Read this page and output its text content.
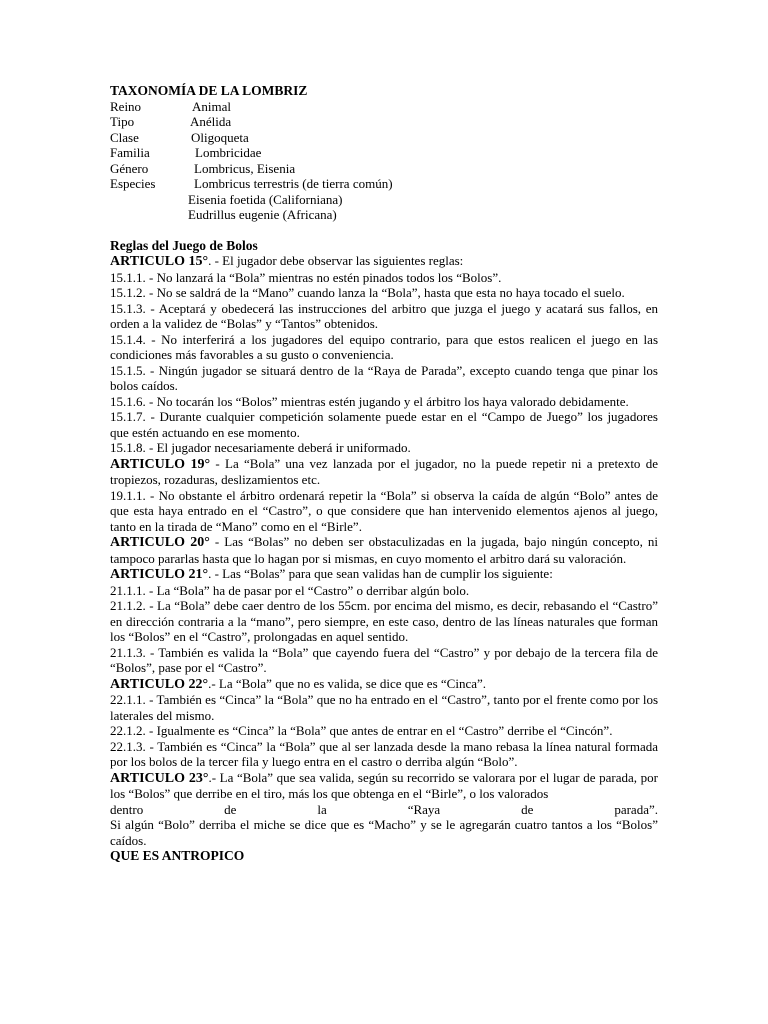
TAXONOMÍA DE LA LOMBRIZ
Reino	Animal
Tipo	Anélida
Clase	Oligoqueta
Familia	Lombricidae
Género	Lombricus, Eisenia
Especies	Lombricus terrestris (de tierra común)
Eisenia foetida (Californiana)
Eudrillus eugenie (Africana)
Reglas del Juego de Bolos
ARTICULO 15°. - El jugador debe observar las siguientes reglas:
15.1.1. - No lanzará la “Bola” mientras no estén pinados todos los “Bolos”.
15.1.2. - No se saldrá de la “Mano” cuando lanza la “Bola”, hasta que esta no haya tocado el suelo.
15.1.3. - Aceptará y obedecerá las instrucciones del arbitro que juzga el juego y acatará sus fallos, en orden a la validez de “Bolas” y “Tantos” obtenidos.
15.1.4. - No interferirá a los jugadores del equipo contrario, para que estos realicen el juego en las condiciones más favorables a su gusto o conveniencia.
15.1.5. - Ningún jugador se situará dentro de la “Raya de Parada”, excepto cuando tenga que pinar los bolos caídos.
15.1.6. - No tocarán los “Bolos” mientras estén jugando y el árbitro los haya valorado debidamente.
15.1.7. - Durante cualquier competición solamente puede estar en el “Campo de Juego” los jugadores que estén actuando en ese momento.
15.1.8. - El jugador necesariamente deberá ir uniformado.
ARTICULO 19° - La “Bola” una vez lanzada por el jugador, no la puede repetir ni a pretexto de tropiezos, rozaduras, deslizamientos etc.
19.1.1. - No obstante el árbitro ordenará repetir la “Bola” si observa la caída de algún “Bolo” antes de que esta haya entrado en el “Castro”, o que considere que han intervenido elementos ajenos al juego, tanto en la tirada de “Mano” como en el “Birle”.
ARTICULO 20° - Las “Bolas” no deben ser obstaculizadas en la jugada, bajo ningún concepto, ni tampoco pararlas hasta que lo hagan por si mismas, en cuyo momento el arbitro dará su valoración.
ARTICULO 21°. - Las “Bolas” para que sean validas han de cumplir los siguiente:
21.1.1. - La “Bola” ha de pasar por el “Castro” o derribar algún bolo.
21.1.2. - La “Bola” debe caer dentro de los 55cm. por encima del mismo, es decir, rebasando el “Castro” en dirección contraria a la “mano”, pero siempre, en este caso, dentro de las líneas naturales que forman los “Bolos” en el “Castro”, prolongadas en aquel sentido.
21.1.3. - También es valida la “Bola” que cayendo fuera del “Castro” y por debajo de la tercera fila de “Bolos”, pase por el “Castro”.
ARTICULO 22°.- La “Bola” que no es valida, se dice que es “Cinca”.
22.1.1. - También es “Cinca” la “Bola” que no ha entrado en el “Castro”, tanto por el frente como por los laterales del mismo.
22.1.2. - Igualmente es “Cinca” la “Bola” que antes de entrar en el “Castro” derribe el “Cincón”.
22.1.3. - También es “Cinca” la “Bola” que al ser lanzada desde la mano rebasa la línea natural formada por los bolos de la tercer fila y luego entra en el castro o derriba algún “Bolo”.
ARTICULO 23°.- La “Bola” que sea valida, según su recorrido se valorara por el lugar de parada, por los “Bolos” que derribe en el tiro, más los que obtenga en el “Birle”, o los valorados
dentro de la “Raya de parada”.
Si algún “Bolo” derriba el miche se dice que es “Macho” y se le agregarán cuatro tantos a los “Bolos” caídos.
QUE ES ANTROPICO
